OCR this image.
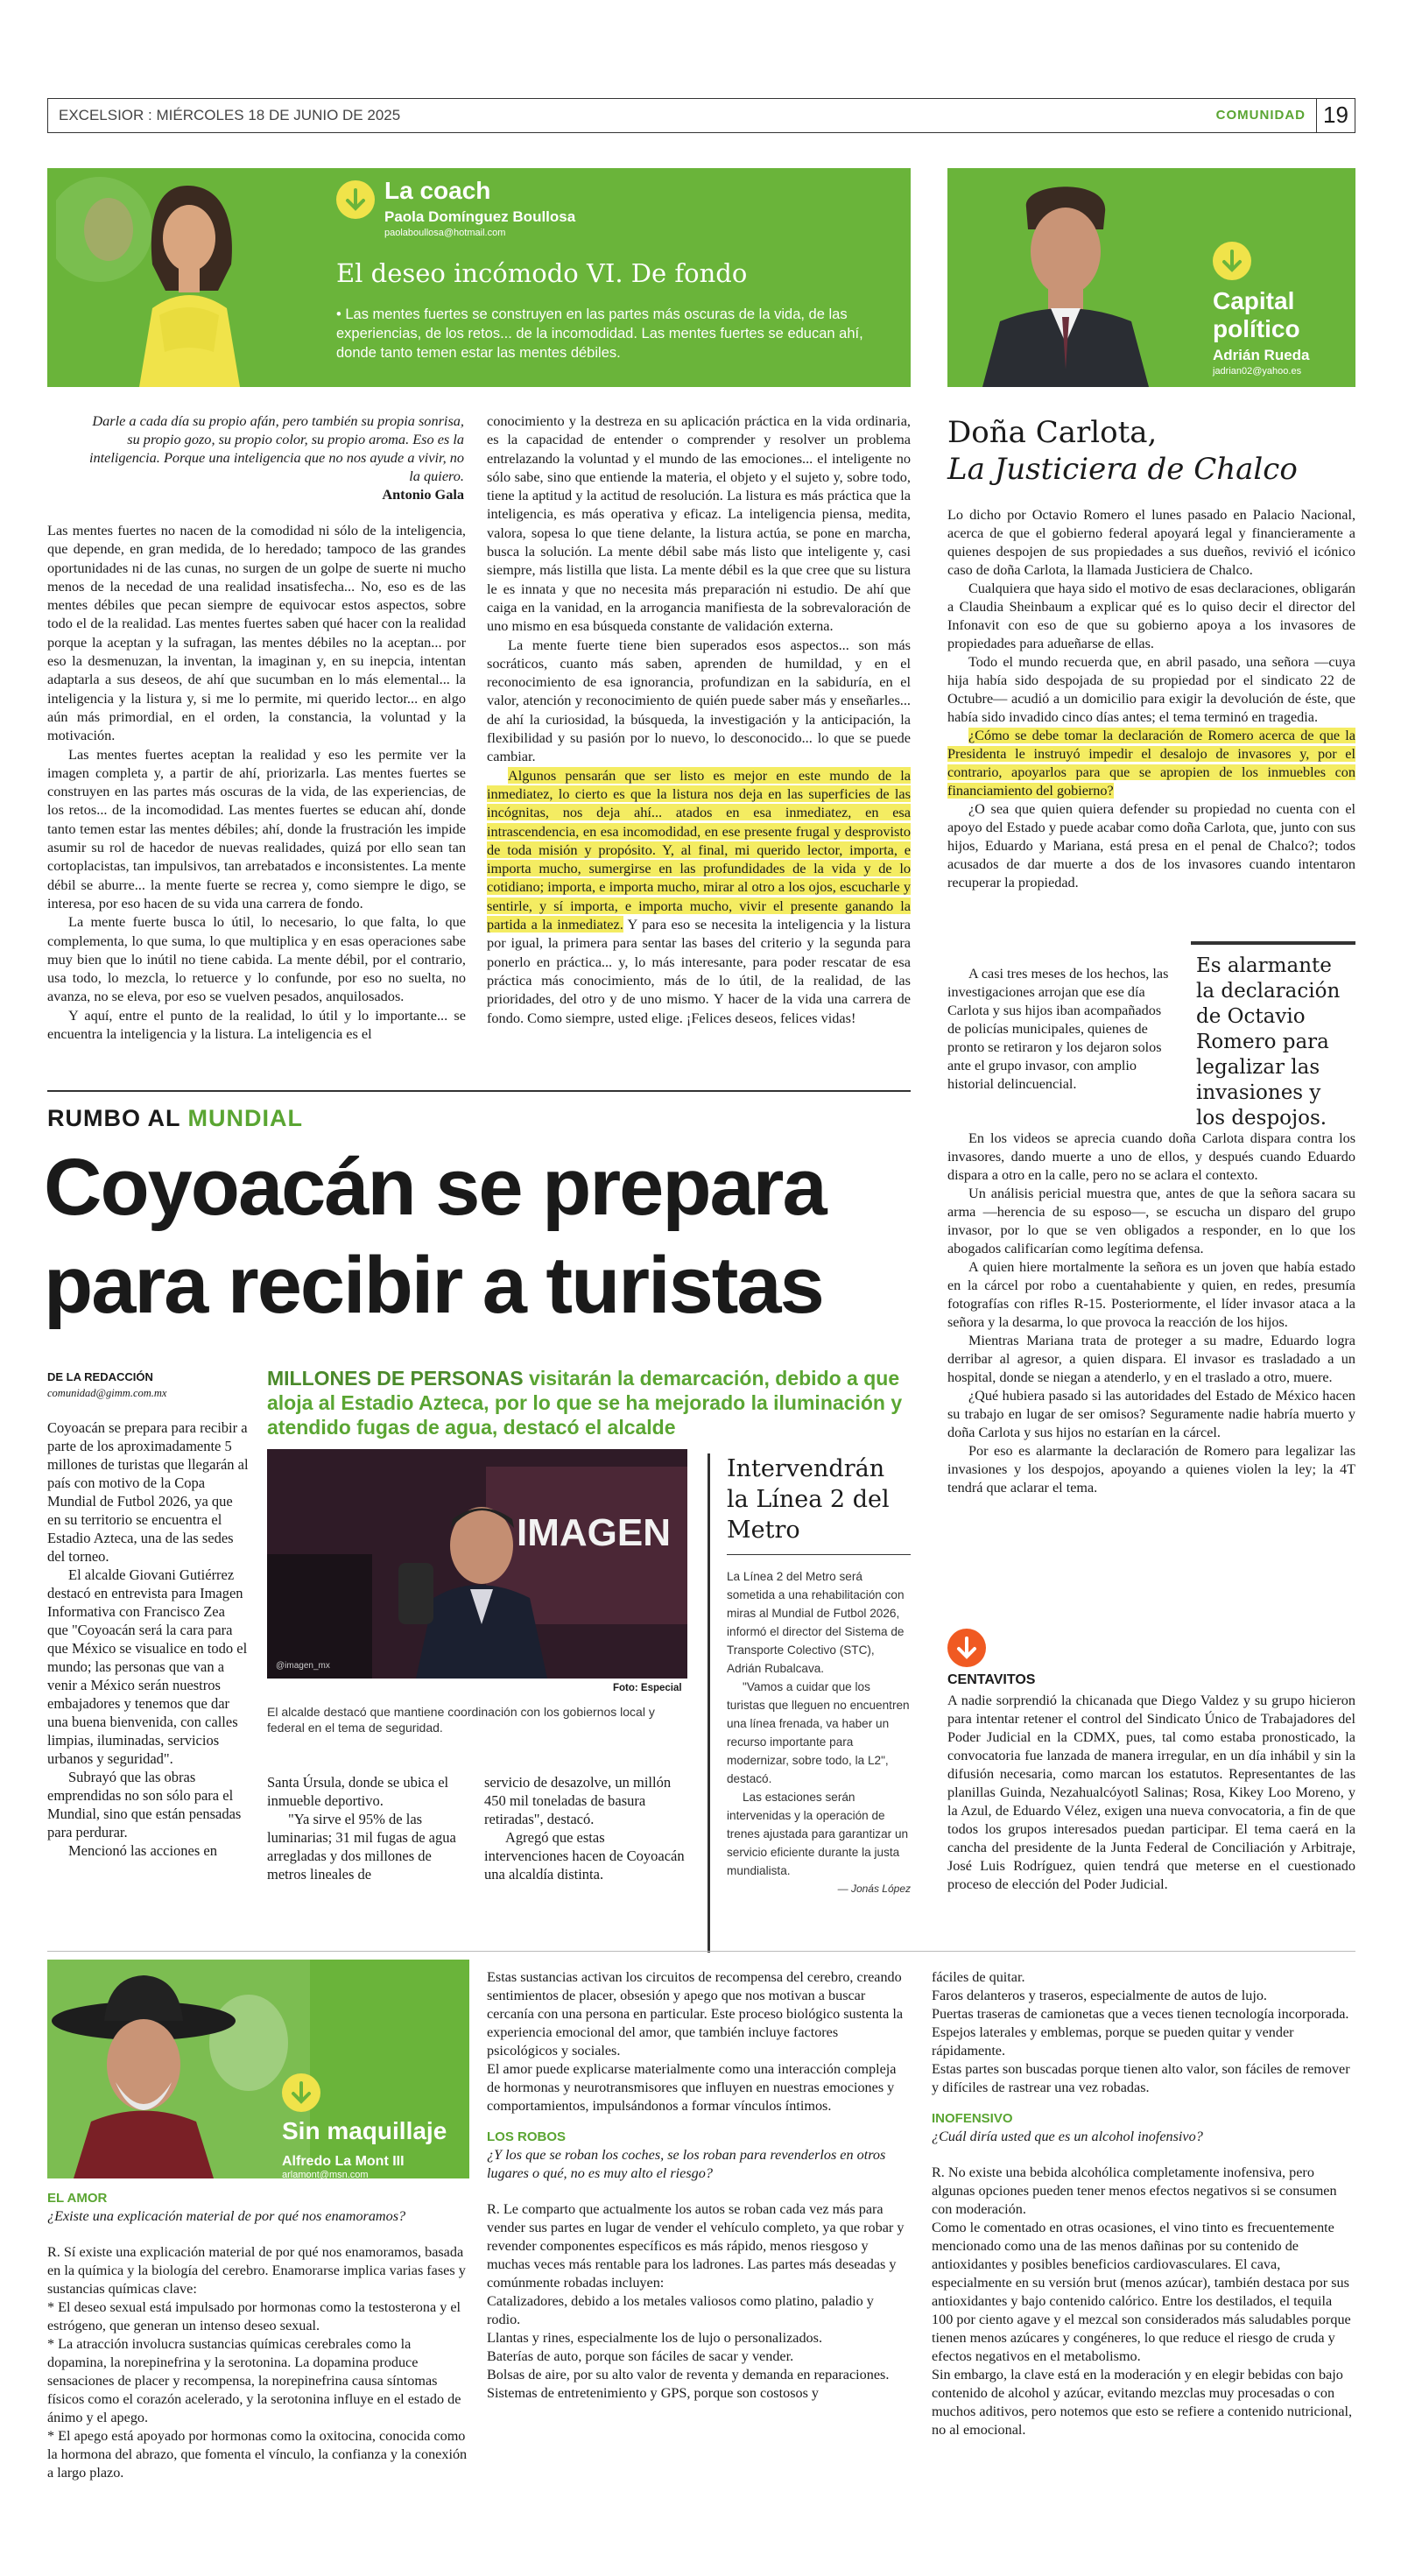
EXCELSIOR : MIÉRCOLES 18 DE JUNIO DE 2025	COMUNIDAD 19
La coach
Paola Domínguez Boullosa
paolaboullosa@hotmail.com
El deseo incómodo VI. De fondo
• Las mentes fuertes se construyen en las partes más oscuras de la vida, de las experiencias, de los retos... de la incomodidad. Las mentes fuertes se educan ahí, donde tanto temen estar las mentes débiles.
Capital político
Adrián Rueda
jadrian02@yahoo.es
Darle a cada día su propio afán, pero también su propia sonrisa, su propio gozo, su propio color, su propio aroma. Eso es la inteligencia. Porque una inteligencia que no nos ayude a vivir, no la quiero.
Antonio Gala

Las mentes fuertes no nacen de la comodidad ni sólo de la inteligencia, que depende, en gran medida, de lo heredado; tampoco de las grandes oportunidades ni de las cunas, no surgen de un golpe de suerte ni mucho menos de la necedad de una realidad insatisfecha... No, eso es de las mentes débiles que pecan siempre de equivocar estos aspectos, sobre todo el de la realidad. Las mentes fuertes saben qué hacer con la realidad porque la aceptan y la sufragan, las mentes débiles no la aceptan... por eso la desmenuzan, la inventan, la imaginan y, en su inepcia, intentan adaptarla a sus deseos, de ahí que sucumban en lo más elemental... la inteligencia y la listura y, si me lo permite, mi querido lector... en algo aún más primordial, en el orden, la constancia, la voluntad y la motivación.

Las mentes fuertes aceptan la realidad y eso les permite ver la imagen completa y, a partir de ahí, priorizarla. Las mentes fuertes se construyen en las partes más oscuras de la vida, de las experiencias, de los retos... de la incomodidad. Las mentes fuertes se educan ahí, donde tanto temen estar las mentes débiles; ahí, donde la frustración les impide asumir su rol de hacedor de nuevas realidades, quizá por ello sean tan cortoplacistas, tan impulsivos, tan arrebatados e inconsistentes. La mente débil se aburre... la mente fuerte se recrea y, como siempre le digo, se interesa, por eso hacen de su vida una carrera de fondo.

La mente fuerte busca lo útil, lo necesario, lo que falta, lo que complementa, lo que suma, lo que multiplica y en esas operaciones sabe muy bien que lo inútil no tiene cabida. La mente débil, por el contrario, usa todo, lo mezcla, lo retuerce y lo confunde, por eso no suelta, no avanza, no se eleva, por eso se vuelven pesados, anquilosados.

Y aquí, entre el punto de la realidad, lo útil y lo importante... se encuentra la inteligencia y la listura. La inteligencia es el

conocimiento y la destreza en su aplicación práctica en la vida ordinaria, es la capacidad de entender o comprender y resolver un problema entrelazando la voluntad y el mundo de las emociones... el inteligente no sólo sabe, sino que entiende la materia, el objeto y el sujeto y, sobre todo, tiene la aptitud y la actitud de resolución. La listura es más práctica que la inteligencia, es más operativa y eficaz. La inteligencia piensa, medita, valora, sopesa lo que tiene delante, la listura actúa, se pone en marcha, busca la solución. La mente débil sabe más listo que inteligente y, casi siempre, más listilla que lista. La mente débil es la que cree que su listura le es innata y que no necesita más preparación ni estudio. De ahí que caiga en la vanidad, en la arrogancia manifiesta de la sobrevaloración de uno mismo en esa búsqueda constante de validación externa.

La mente fuerte tiene bien superados esos aspectos... son más socráticos, cuanto más saben, aprenden de humildad, y en el reconocimiento de esa ignorancia, profundizan en la sabiduría, en el valor, atención y reconocimiento de quién puede saber más y enseñarles... de ahí la curiosidad, la búsqueda, la investigación y la anticipación, la flexibilidad y su pasión por lo nuevo, lo desconocido... lo que se puede cambiar.

Algunos pensarán que ser listo es mejor en este mundo de la inmediatez, lo cierto es que la listura nos deja en las superficies de las incógnitas, nos deja ahí... atados en esa inmediatez, en esa intrascendencia, en esa incomodidad, en ese presente frugal y desprovisto de toda misión y propósito. Y, al final, mi querido lector, importa, e importa mucho, sumergirse en las profundidades de la vida y de lo cotidiano; importa, e importa mucho, mirar al otro a los ojos, escucharle y sentirle, y sí importa, e importa mucho, vivir el presente ganando la partida a la inmediatez. Y para eso se necesita la inteligencia y la listura por igual, la primera para sentar las bases del criterio y la segunda para ponerlo en práctica... y, lo más interesante, para poder rescatar de esa práctica más conocimiento, más de lo útil, de la realidad, de las prioridades, del otro y de uno mismo. Y hacer de la vida una carrera de fondo. Como siempre, usted elige. ¡Felices deseos, felices vidas!

RUMBO AL MUNDIAL
Coyoacán se prepara
para recibir a turistas
DE LA REDACCIÓN
comunidad@gimm.com.mx
MILLONES DE PERSONAS visitarán la demarcación, debido a que aloja al Estadio Azteca, por lo que se ha mejorado la iluminación y atendido fugas de agua, destacó el alcalde

Coyoacán se prepara para recibir a parte de los aproximadamente 5 millones de turistas que llegarán al país con motivo de la Copa Mundial de Futbol 2026, ya que en su territorio se encuentra el Estadio Azteca, una de las sedes del torneo.

El alcalde Giovani Gutiérrez destacó en entrevista para Imagen Informativa con Francisco Zea que "Coyoacán será la cara para que México se visualice en todo el mundo; las personas que van a venir a México serán nuestros embajadores y tenemos que dar una buena bienvenida, con calles limpias, iluminadas, servicios urbanos y seguridad".

Subrayó que las obras emprendidas no son sólo para el Mundial, sino que están pensadas para perdurar.

Mencionó las acciones en

IMAGEN
@imagen_mx
Foto: Especial
El alcalde destacó que mantiene coordinación con los gobiernos local y federal en el tema de seguridad.

Santa Úrsula, donde se ubica el inmueble deportivo.

"Ya sirve el 95% de las luminarias; 31 mil fugas de agua arregladas y dos millones de metros lineales de

servicio de desazolve, un millón 450 mil toneladas de basura retiradas", destacó.

Agregó que estas intervenciones hacen de Coyoacán una alcaldía distinta.

Intervendrán la Línea 2 del Metro

La Línea 2 del Metro será sometida a una rehabilitación con miras al Mundial de Futbol 2026, informó el director del Sistema de Transporte Colectivo (STC), Adrián Rubalcava.

"Vamos a cuidar que los turistas que lleguen no encuentren una línea frenada, va haber un recurso importante para modernizar, sobre todo, la L2", destacó.

Las estaciones serán intervenidas y la operación de trenes ajustada para garantizar un servicio eficiente durante la justa mundialista.

— Jonás López

Doña Carlota,
La Justiciera de Chalco

Lo dicho por Octavio Romero el lunes pasado en Palacio Nacional, acerca de que el gobierno federal apoyará legal y financieramente a quienes despojen de sus propiedades a sus dueños, revivió el icónico caso de doña Carlota, la llamada Justiciera de Chalco.

Cualquiera que haya sido el motivo de esas declaraciones, obligarán a Claudia Sheinbaum a explicar qué es lo quiso decir el director del Infonavit con eso de que su gobierno apoya a los invasores de propiedades para adueñarse de ellas.

Todo el mundo recuerda que, en abril pasado, una señora —cuya hija había sido despojada de su propiedad por el sindicato 22 de Octubre— acudió a un domicilio para exigir la devolución de éste, que había sido invadido cinco días antes; el tema terminó en tragedia.

¿Cómo se debe tomar la declaración de Romero acerca de que la Presidenta le instruyó impedir el desalojo de invasores y, por el contrario, apoyarlos para que se apropien de los inmuebles con financiamiento del gobierno?

¿O sea que quien quiera defender su propiedad no cuenta con el apoyo del Estado y puede acabar como doña Carlota, que, junto con sus hijos, Eduardo y Mariana, está presa en el penal de Chalco?; todos acusados de dar muerte a dos de los invasores cuando intentaron recuperar la propiedad.

Es alarmante la declaración de Octavio Romero para legalizar las invasiones y los despojos.

A casi tres meses de los hechos, las investigaciones arrojan que ese día Carlota y sus hijos iban acompañados de policías municipales, quienes de pronto se retiraron y los dejaron solos ante el grupo invasor, con amplio historial delincuencial.

En los videos se aprecia cuando doña Carlota dispara contra los invasores, dando muerte a uno de ellos, y después cuando Eduardo dispara a otro en la calle, pero no se aclara el contexto.

Un análisis pericial muestra que, antes de que la señora sacara su arma —herencia de su esposo—, se escucha un disparo del grupo invasor, por lo que se ven obligados a responder, en lo que los abogados calificarían como legítima defensa.

A quien hiere mortalmente la señora es un joven que había estado en la cárcel por robo a cuentahabiente y quien, en redes, presumía fotografías con rifles R-15. Posteriormente, el líder invasor ataca a la señora y la desarma, lo que provoca la reacción de los hijos.

Mientras Mariana trata de proteger a su madre, Eduardo logra derribar al agresor, a quien dispara. El invasor es trasladado a un hospital, donde se niegan a atenderlo, y en el traslado a otro, muere.

¿Qué hubiera pasado si las autoridades del Estado de México hacen su trabajo en lugar de ser omisos? Seguramente nadie habría muerto y doña Carlota y sus hijos no estarían en la cárcel.

Por eso es alarmante la declaración de Romero para legalizar las invasiones y los despojos, apoyando a quienes violen la ley; la 4T tendrá que aclarar el tema.

CENTAVITOS

A nadie sorprendió la chicanada que Diego Valdez y su grupo hicieron para intentar retener el control del Sindicato Único de Trabajadores del Poder Judicial en la CDMX, pues, tal como estaba pronosticado, la convocatoria fue lanzada de manera irregular, en un día inhábil y sin la difusión necesaria, como marcan los estatutos. Representantes de las planillas Guinda, Nezahualcóyotl Salinas; Rosa, Kikey Loo Moreno, y la Azul, de Eduardo Vélez, exigen una nueva convocatoria, a fin de que todos los grupos interesados puedan participar. El tema caerá en la cancha del presidente de la Junta Federal de Conciliación y Arbitraje, José Luis Rodríguez, quien tendrá que meterse en el cuestionado proceso de elección del Poder Judicial.

Sin maquillaje
Alfredo La Mont III
arlamont@msn.com
EL AMOR
¿Existe una explicación material de por qué nos enamoramos?
R. Sí existe una explicación material de por qué nos enamoramos, basada en la química y la biología del cerebro. Enamorarse implica varias fases y sustancias químicas clave:
* El deseo sexual está impulsado por hormonas como la testosterona y el estrógeno, que generan un intenso deseo sexual.
* La atracción involucra sustancias químicas cerebrales como la dopamina, la norepinefrina y la serotonina. La dopamina produce sensaciones de placer y recompensa, la norepinefrina causa síntomas físicos como el corazón acelerado, y la serotonina influye en el estado de ánimo y el apego.
* El apego está apoyado por hormonas como la oxitocina, conocida como la hormona del abrazo, que fomenta el vínculo, la confianza y la conexión a largo plazo.
Estas sustancias activan los circuitos de recompensa del cerebro, creando sentimientos de placer, obsesión y apego que nos motivan a buscar cercanía con una persona en particular. Este proceso biológico sustenta la experiencia emocional del amor, que también incluye factores psicológicos y sociales.
El amor puede explicarse materialmente como una interacción compleja de hormonas y neurotransmisores que influyen en nuestras emociones y comportamientos, impulsándonos a formar vínculos íntimos.
LOS ROBOS
¿Y los que se roban los coches, se los roban para revenderlos en otros lugares o qué, no es muy alto el riesgo?
R. Le comparto que actualmente los autos se roban cada vez más para vender sus partes en lugar de vender el vehículo completo, ya que robar y revender componentes específicos es más rápido, menos riesgoso y muchas veces más rentable para los ladrones. Las partes más deseadas y comúnmente robadas incluyen:
Catalizadores, debido a los metales valiosos como platino, paladio y rodio.
Llantas y rines, especialmente los de lujo o personalizados.
Baterías de auto, porque son fáciles de sacar y vender.
Bolsas de aire, por su alto valor de reventa y demanda en reparaciones.
Sistemas de entretenimiento y GPS, porque son costosos y
fáciles de quitar.
Faros delanteros y traseros, especialmente de autos de lujo.
Puertas traseras de camionetas que a veces tienen tecnología incorporada.
Espejos laterales y emblemas, porque se pueden quitar y vender rápidamente.
Estas partes son buscadas porque tienen alto valor, son fáciles de remover y difíciles de rastrear una vez robadas.
INOFENSIVO
¿Cuál diría usted que es un alcohol inofensivo?
R. No existe una bebida alcohólica completamente inofensiva, pero algunas opciones pueden tener menos efectos negativos si se consumen con moderación.
Como le comentado en otras ocasiones, el vino tinto es frecuentemente mencionado como una de las menos dañinas por su contenido de antioxidantes y posibles beneficios cardiovasculares. El cava, especialmente en su versión brut (menos azúcar), también destaca por sus antioxidantes y bajo contenido calórico. Entre los destilados, el tequila 100 por ciento agave y el mezcal son considerados más saludables porque tienen menos azúcares y congéneres, lo que reduce el riesgo de cruda y efectos negativos en el metabolismo.
Sin embargo, la clave está en la moderación y en elegir bebidas con bajo contenido de alcohol y azúcar, evitando mezclas muy procesadas o con muchos aditivos, pero notemos que esto se refiere a contenido nutricional, no al emocional.
